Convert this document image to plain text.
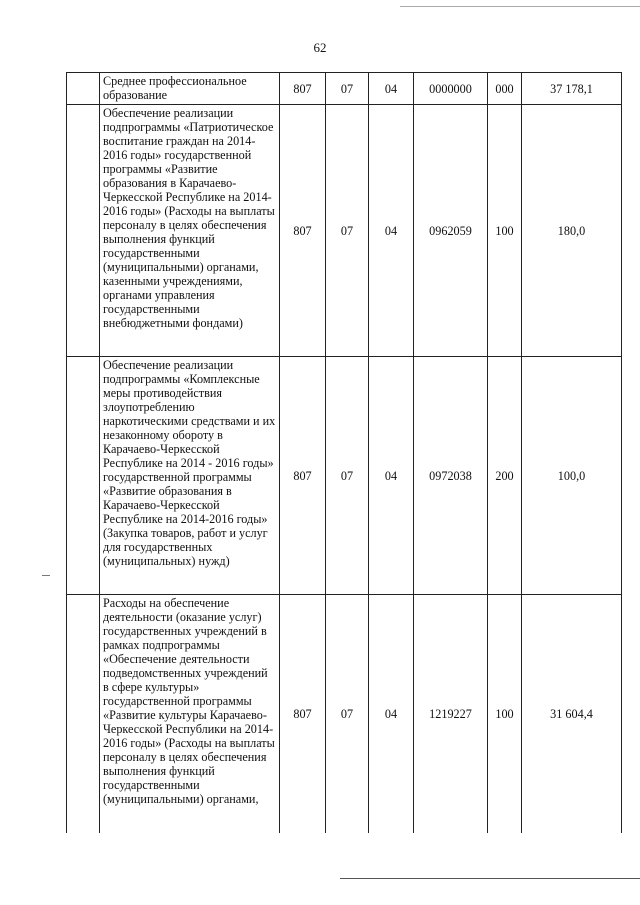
62
	Среднее профессиональное образование	807	07	04	0000000	000	37 178,1
	Обеспечение реализации подпрограммы «Патриотическое воспитание граждан на 2014-2016 годы» государственной программы «Развитие образования в Карачаево-Черкесской Республике на 2014-2016 годы» (Расходы на выплаты персоналу в целях обеспечения выполнения функций государственными (муниципальными) органами, казенными учреждениями, органами управления государственными внебюджетными фондами)	807	07	04	0962059	100	180,0
	Обеспечение реализации подпрограммы «Комплексные меры противодействия злоупотреблению наркотическими средствами и их незаконному обороту в Карачаево-Черкесской Республике на 2014 - 2016 годы» государственной программы «Развитие образования в Карачаево-Черкесской Республике на 2014-2016 годы» (Закупка товаров, работ и услуг для государственных (муниципальных) нужд)	807	07	04	0972038	200	100,0
	Расходы на обеспечение деятельности (оказание услуг) государственных учреждений в рамках подпрограммы «Обеспечение деятельности подведомственных учреждений в сфере культуры» государственной программы «Развитие культуры Карачаево-Черкесской Республики на 2014-2016 годы» (Расходы на выплаты персоналу в целях обеспечения выполнения функций государственными (муниципальными) органами,	807	07	04	1219227	100	31 604,4
